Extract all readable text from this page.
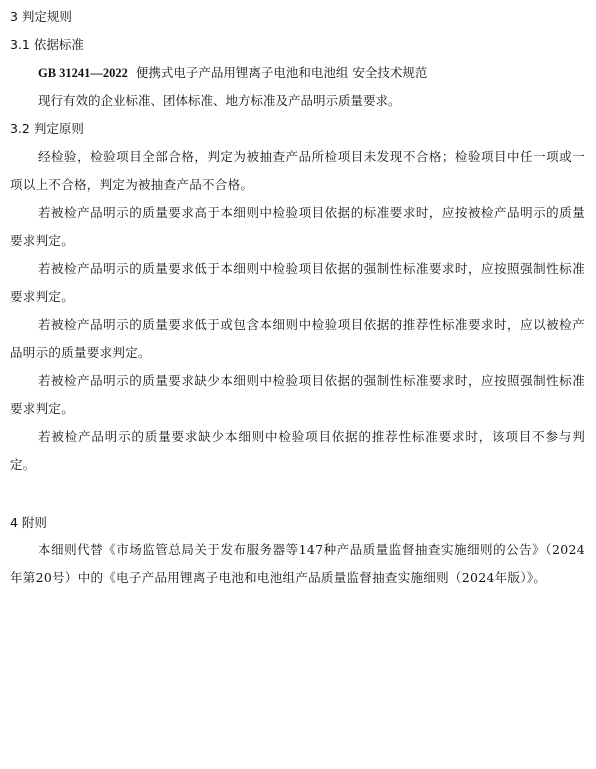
3 判定规则
3.1 依据标准
GB 31241—2022 便携式电子产品用锂离子电池和电池组 安全技术规范
现行有效的企业标准、团体标准、地方标准及产品明示质量要求。
3.2 判定原则
经检验，检验项目全部合格，判定为被抽查产品所检项目未发现不合格；检验项目中任一项或一项以上不合格，判定为被抽查产品不合格。
若被检产品明示的质量要求高于本细则中检验项目依据的标准要求时，应按被检产品明示的质量要求判定。
若被检产品明示的质量要求低于本细则中检验项目依据的强制性标准要求时，应按照强制性标准要求判定。
若被检产品明示的质量要求低于或包含本细则中检验项目依据的推荐性标准要求时，应以被检产品明示的质量要求判定。
若被检产品明示的质量要求缺少本细则中检验项目依据的强制性标准要求时，应按照强制性标准要求判定。
若被检产品明示的质量要求缺少本细则中检验项目依据的推荐性标准要求时，该项目不参与判定。
4 附则
本细则代替《市场监管总局关于发布服务器等147种产品质量监督抽查实施细则的公告》（2024年第20号）中的《电子产品用锂离子电池和电池组产品质量监督抽查实施细则（2024年版）》。
